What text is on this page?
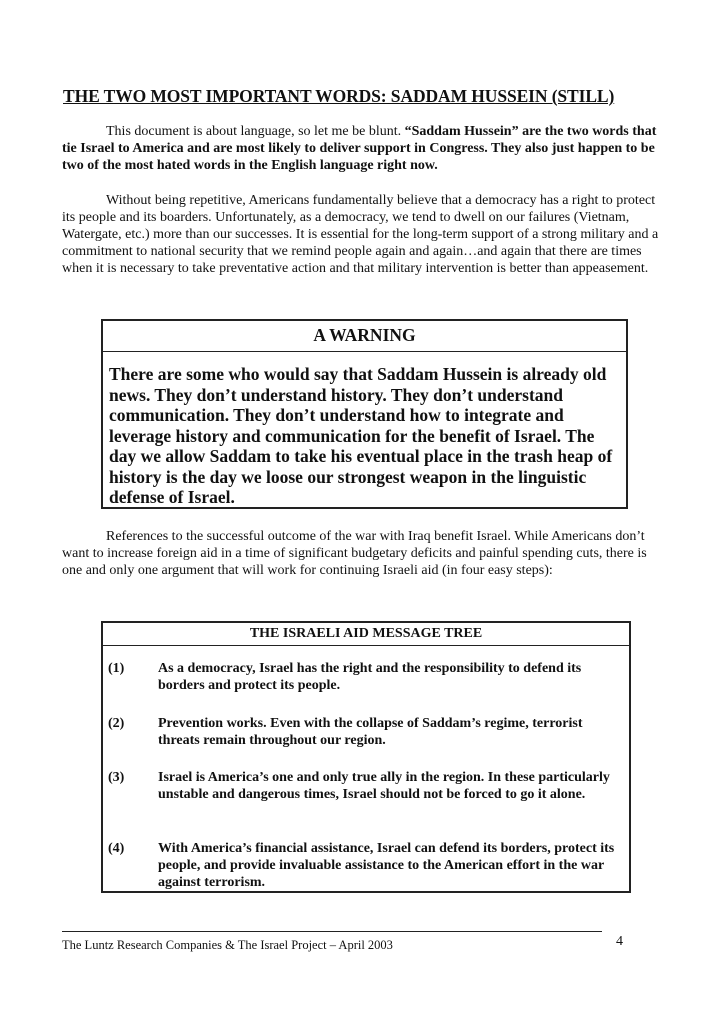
THE TWO MOST IMPORTANT WORDS: SADDAM HUSSEIN (STILL)
This document is about language, so let me be blunt. “Saddam Hussein” are the two words that tie Israel to America and are most likely to deliver support in Congress. They also just happen to be two of the most hated words in the English language right now.
Without being repetitive, Americans fundamentally believe that a democracy has a right to protect its people and its boarders. Unfortunately, as a democracy, we tend to dwell on our failures (Vietnam, Watergate, etc.) more than our successes. It is essential for the long-term support of a strong military and a commitment to national security that we remind people again and again…and again that there are times when it is necessary to take preventative action and that military intervention is better than appeasement.
A WARNING
There are some who would say that Saddam Hussein is already old news. They don’t understand history. They don’t understand communication. They don’t understand how to integrate and leverage history and communication for the benefit of Israel. The day we allow Saddam to take his eventual place in the trash heap of history is the day we loose our strongest weapon in the linguistic defense of Israel.
References to the successful outcome of the war with Iraq benefit Israel. While Americans don’t want to increase foreign aid in a time of significant budgetary deficits and painful spending cuts, there is one and only one argument that will work for continuing Israeli aid (in four easy steps):
THE ISRAELI AID MESSAGE TREE
(1) As a democracy, Israel has the right and the responsibility to defend its borders and protect its people.
(2) Prevention works. Even with the collapse of Saddam’s regime, terrorist threats remain throughout our region.
(3) Israel is America’s one and only true ally in the region. In these particularly unstable and dangerous times, Israel should not be forced to go it alone.
(4) With America’s financial assistance, Israel can defend its borders, protect its people, and provide invaluable assistance to the American effort in the war against terrorism.
The Luntz Research Companies & The Israel Project – April 2003	4
